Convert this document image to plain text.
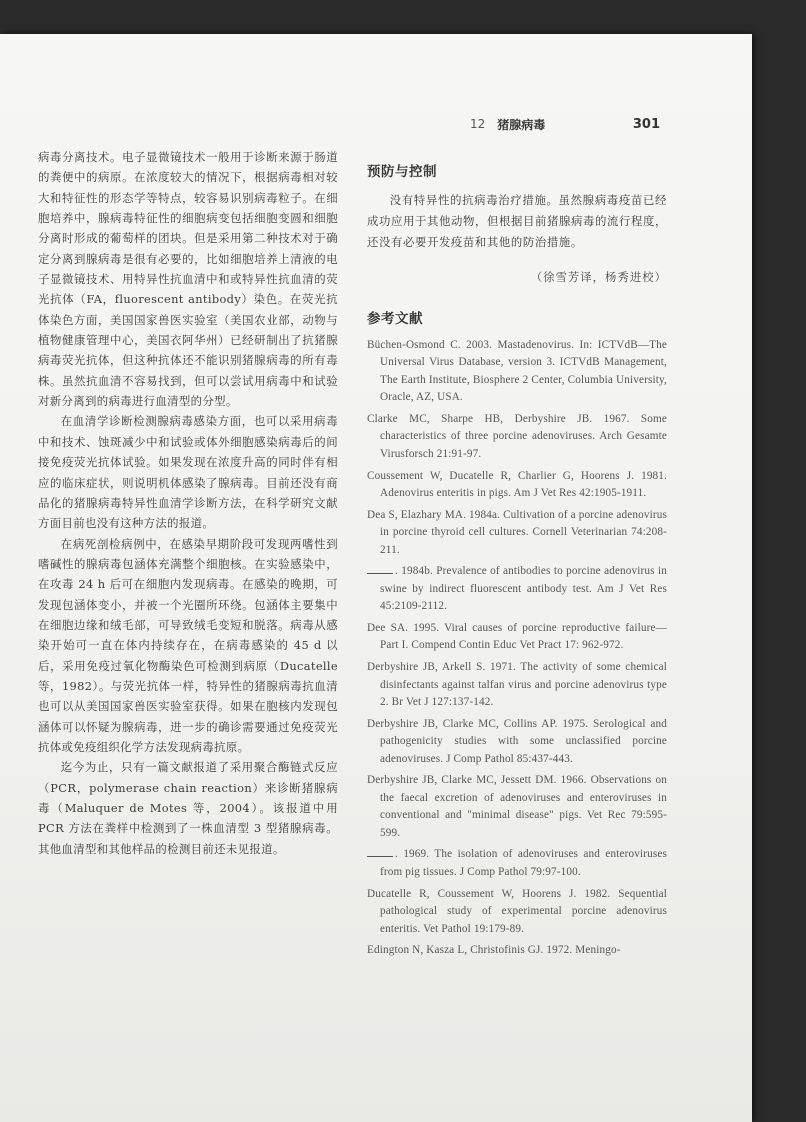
12 猪腺病毒	301

病毒分离技术。电子显微镜技术一般用于诊断来源于肠道的粪便中的病原。在浓度较大的情况下，根据病毒相对较大和特征性的形态学等特点，较容易识别病毒粒子。在细胞培养中，腺病毒特征性的细胞病变包括细胞变圆和细胞分离时形成的葡萄样的团块。但是采用第二种技术对于确定分离到腺病毒是很有必要的，比如细胞培养上清液的电子显微镜技术、用特异性抗血清中和或特异性抗血清的荧光抗体（FA，fluorescent antibody）染色。在荧光抗体染色方面，美国国家兽医实验室（美国农业部，动物与植物健康管理中心，美国衣阿华州）已经研制出了抗猪腺病毒荧光抗体，但这种抗体还不能识别猪腺病毒的所有毒株。虽然抗血清不容易找到，但可以尝试用病毒中和试验对新分离到的病毒进行血清型的分型。

在血清学诊断检测腺病毒感染方面，也可以采用病毒中和技术、蚀斑减少中和试验或体外细胞感染病毒后的间接免疫荧光抗体试验。如果发现在浓度升高的同时伴有相应的临床症状，则说明机体感染了腺病毒。目前还没有商品化的猪腺病毒特异性血清学诊断方法，在科学研究文献方面目前也没有这种方法的报道。

在病死剖检病例中，在感染早期阶段可发现两嗜性到嗜碱性的腺病毒包涵体充满整个细胞核。在实验感染中，在攻毒 24 h 后可在细胞内发现病毒。在感染的晚期，可发现包涵体变小，并被一个光圈所环绕。包涵体主要集中在细胞边缘和绒毛部，可导致绒毛变短和脱落。病毒从感染开始可一直在体内持续存在，在病毒感染的 45 d 以后，采用免疫过氧化物酶染色可检测到病原（Ducatelle 等，1982）。与荧光抗体一样，特异性的猪腺病毒抗血清也可以从美国国家兽医实验室获得。如果在胞核内发现包涵体可以怀疑为腺病毒，进一步的确诊需要通过免疫荧光抗体或免疫组织化学方法发现病毒抗原。

迄今为止，只有一篇文献报道了采用聚合酶链式反应（PCR，polymerase chain reaction）来诊断猪腺病毒（Maluquer de Motes 等，2004）。该报道中用 PCR 方法在粪样中检测到了一株血清型 3 型猪腺病毒。其他血清型和其他样品的检测目前还未见报道。

预防与控制

没有特异性的抗病毒治疗措施。虽然腺病毒疫苗已经成功应用于其他动物，但根据目前猪腺病毒的流行程度，还没有必要开发疫苗和其他的防治措施。

（徐雪芳译，杨秀进校）
参考文献
Büchen-Osmond C. 2003. Mastadenovirus. In: ICTVdB—The Universal Virus Database, version 3. ICTVdB Management, The Earth Institute, Biosphere 2 Center, Columbia University, Oracle, AZ, USA.
Clarke MC, Sharpe HB, Derbyshire JB. 1967. Some characteristics of three porcine adenoviruses. Arch Gesamte Virusforsch 21:91-97.
Coussement W, Ducatelle R, Charlier G, Hoorens J. 1981. Adenovirus enteritis in pigs. Am J Vet Res 42:1905-1911.
Dea S, Elazhary MA. 1984a. Cultivation of a porcine adenovirus in porcine thyroid cell cultures. Cornell Veterinarian 74:208-211.
. 1984b. Prevalence of antibodies to porcine adenovirus in swine by indirect fluorescent antibody test. Am J Vet Res 45:2109-2112.
Dee SA. 1995. Viral causes of porcine reproductive failure—Part I. Compend Contin Educ Vet Pract 17: 962-972.
Derbyshire JB, Arkell S. 1971. The activity of some chemical disinfectants against talfan virus and porcine adenovirus type 2. Br Vet J 127:137-142.
Derbyshire JB, Clarke MC, Collins AP. 1975. Serological and pathogenicity studies with some unclassified porcine adenoviruses. J Comp Pathol 85:437-443.
Derbyshire JB, Clarke MC, Jessett DM. 1966. Observations on the faecal excretion of adenoviruses and enteroviruses in conventional and "minimal disease" pigs. Vet Rec 79:595-599.
. 1969. The isolation of adenoviruses and enteroviruses from pig tissues. J Comp Pathol 79:97-100.
Ducatelle R, Coussement W, Hoorens J. 1982. Sequential pathological study of experimental porcine adenovirus enteritis. Vet Pathol 19:179-89.
Edington N, Kasza L, Christofinis GJ. 1972. Meningo-
